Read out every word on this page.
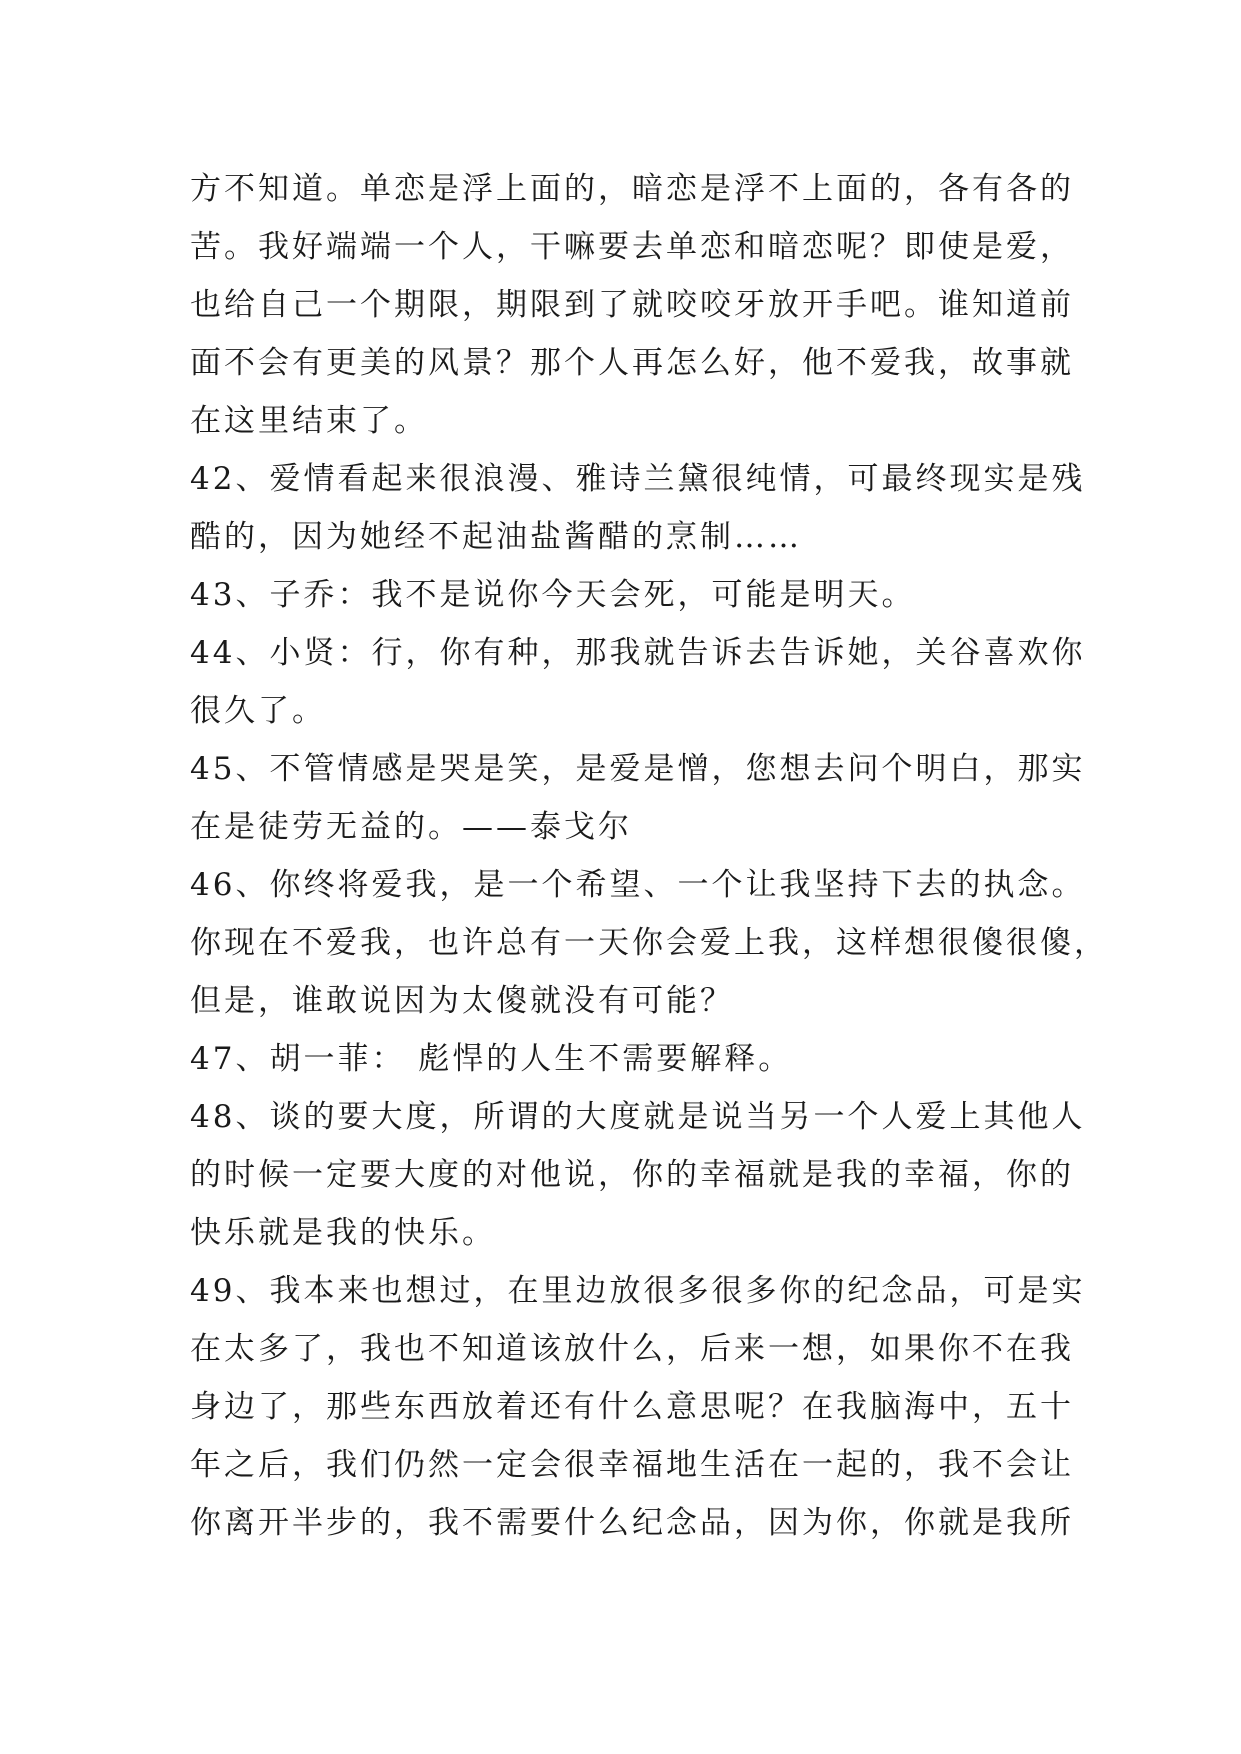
方不知道。单恋是浮上面的，暗恋是浮不上面的，各有各的
苦。我好端端一个人，干嘛要去单恋和暗恋呢？即使是爱，
也给自己一个期限，期限到了就咬咬牙放开手吧。谁知道前
面不会有更美的风景？那个人再怎么好，他不爱我，故事就
在这里结束了。
42、爱情看起来很浪漫、雅诗兰黛很纯情，可最终现实是残
酷的，因为她经不起油盐酱醋的烹制……
43、子乔：我不是说你今天会死，可能是明天。
44、小贤：行，你有种，那我就告诉去告诉她，关谷喜欢你
很久了。
45、不管情感是哭是笑，是爱是憎，您想去问个明白，那实
在是徒劳无益的。——泰戈尔
46、你终将爱我，是一个希望、一个让我坚持下去的执念。
你现在不爱我，也许总有一天你会爱上我，这样想很傻很傻，
但是，谁敢说因为太傻就没有可能？
47、胡一菲： 彪悍的人生不需要解释。
48、谈的要大度，所谓的大度就是说当另一个人爱上其他人
的时候一定要大度的对他说，你的幸福就是我的幸福，你的
快乐就是我的快乐。
49、我本来也想过，在里边放很多很多你的纪念品，可是实
在太多了，我也不知道该放什么，后来一想，如果你不在我
身边了，那些东西放着还有什么意思呢？在我脑海中，五十
年之后，我们仍然一定会很幸福地生活在一起的，我不会让
你离开半步的，我不需要什么纪念品，因为你，你就是我所
